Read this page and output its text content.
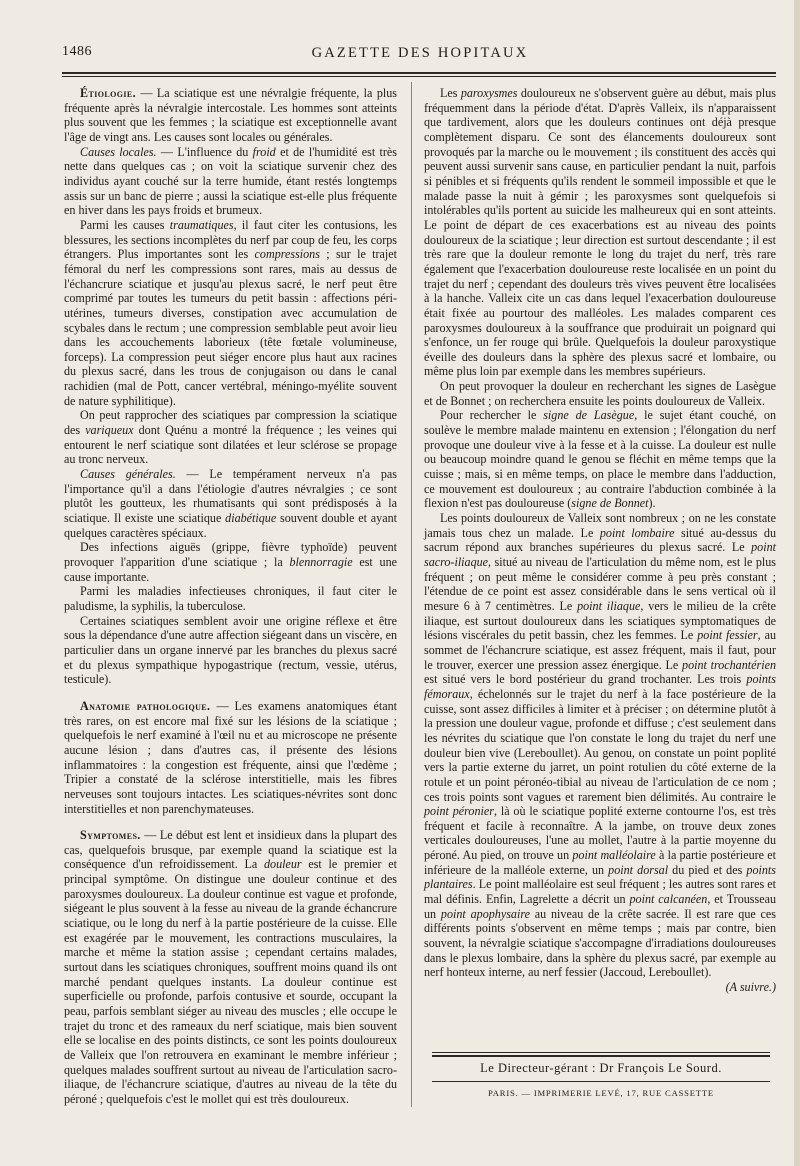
1486	GAZETTE DES HOPITAUX

Étiologie. — La sciatique est une névralgie fréquente, la plus fréquente après la névralgie intercostale. Les hommes sont atteints plus souvent que les femmes ; la sciatique est exceptionnelle avant l'âge de vingt ans. Les causes sont locales ou générales.

Causes locales. — L'influence du froid et de l'humidité est très nette dans quelques cas ; on voit la sciatique survenir chez des individus ayant couché sur la terre humide, étant restés longtemps assis sur un banc de pierre ; aussi la sciatique est-elle plus fréquente en hiver dans les pays froids et brumeux.

Parmi les causes traumatiques, il faut citer les contusions, les blessures, les sections incomplètes du nerf par coup de feu, les corps étrangers. Plus importantes sont les compressions ; sur le trajet fémoral du nerf les compressions sont rares, mais au dessus de l'échancrure sciatique et jusqu'au plexus sacré, le nerf peut être comprimé par toutes les tumeurs du petit bassin : affections péri-utérines, tumeurs diverses, constipation avec accumulation de scybales dans le rectum ; une compression semblable peut avoir lieu dans les accouchements laborieux (tête fœtale volumineuse, forceps). La compression peut siéger encore plus haut aux racines du plexus sacré, dans les trous de conjugaison ou dans le canal rachidien (mal de Pott, cancer vertébral, méningo-myélite souvent de nature syphilitique).

On peut rapprocher des sciatiques par compression la sciatique des variqueux dont Quénu a montré la fréquence ; les veines qui entourent le nerf sciatique sont dilatées et leur sclérose se propage au tronc nerveux.

Causes générales. — Le tempérament nerveux n'a pas l'importance qu'il a dans l'étiologie d'autres névralgies ; ce sont plutôt les goutteux, les rhumatisants qui sont prédisposés à la sciatique. Il existe une sciatique diabétique souvent double et ayant quelques caractères spéciaux.

Des infections aiguës (grippe, fièvre typhoïde) peuvent provoquer l'apparition d'une sciatique ; la blennorragie est une cause importante.

Parmi les maladies infectieuses chroniques, il faut citer le paludisme, la syphilis, la tuberculose.

Certaines sciatiques semblent avoir une origine réflexe et être sous la dépendance d'une autre affection siégeant dans un viscère, en particulier dans un organe innervé par les branches du plexus sacré et du plexus sympathique hypogastrique (rectum, vessie, utérus, testicule).

Anatomie pathologique. — Les examens anatomiques étant très rares, on est encore mal fixé sur les lésions de la sciatique ; quelquefois le nerf examiné à l'œil nu et au microscope ne présente aucune lésion ; dans d'autres cas, il présente des lésions inflammatoires : la congestion est fréquente, ainsi que l'œdème ; Tripier a constaté de la sclérose interstitielle, mais les fibres nerveuses sont toujours intactes. Les sciatiques-névrites sont donc interstitielles et non parenchymateuses.

Symptomes. — Le début est lent et insidieux dans la plupart des cas, quelquefois brusque, par exemple quand la sciatique est la conséquence d'un refroidissement. La douleur est le premier et principal symptôme. On distingue une douleur continue et des paroxysmes douloureux. La douleur continue est vague et profonde, siégeant le plus souvent à la fesse au niveau de la grande échancrure sciatique, ou le long du nerf à la partie postérieure de la cuisse. Elle est exagérée par le mouvement, les contractions musculaires, la marche et même la station assise ; cependant certains malades, surtout dans les sciatiques chroniques, souffrent moins quand ils ont marché pendant quelques instants. La douleur continue est superficielle ou profonde, parfois contusive et sourde, occupant la peau, parfois semblant siéger au niveau des muscles ; elle occupe le trajet du tronc et des rameaux du nerf sciatique, mais bien souvent elle se localise en des points distincts, ce sont les points douloureux de Valleix que l'on retrouvera en examinant le membre inférieur ; quelques malades souffrent surtout au niveau de l'articulation sacro-iliaque, de l'échancrure sciatique, d'autres au niveau de la tête du péroné ; quelquefois c'est le mollet qui est très douloureux.

Les paroxysmes douloureux ne s'observent guère au début, mais plus fréquemment dans la période d'état. D'après Valleix, ils n'apparaissent que tardivement, alors que les douleurs continues ont déjà presque complètement disparu. Ce sont des élancements douloureux sont provoqués par la marche ou le mouvement ; ils constituent des accès qui peuvent aussi survenir sans cause, en particulier pendant la nuit, parfois si pénibles et si fréquents qu'ils rendent le sommeil impossible et que le malade passe la nuit à gémir ; les paroxysmes sont quelquefois si intolérables qu'ils portent au suicide les malheureux qui en sont atteints. Le point de départ de ces exacerbations est au niveau des points douloureux de la sciatique ; leur direction est surtout descendante ; il est très rare que la douleur remonte le long du trajet du nerf, très rare également que l'exacerbation douloureuse reste localisée en un point du trajet du nerf ; cependant des douleurs très vives peuvent être localisées à la hanche. Valleix cite un cas dans lequel l'exacerbation douloureuse était fixée au pourtour des malléoles. Les malades comparent ces paroxysmes douloureux à la souffrance que produirait un poignard qui s'enfonce, un fer rouge qui brûle. Quelquefois la douleur paroxystique éveille des douleurs dans la sphère des plexus sacré et lombaire, ou même plus loin par exemple dans les membres supérieurs.

On peut provoquer la douleur en recherchant les signes de Lasègue et de Bonnet ; on recherchera ensuite les points douloureux de Valleix.

Pour rechercher le signe de Lasègue, le sujet étant couché, on soulève le membre malade maintenu en extension ; l'élongation du nerf provoque une douleur vive à la fesse et à la cuisse. La douleur est nulle ou beaucoup moindre quand le genou se fléchit en même temps que la cuisse ; mais, si en même temps, on place le membre dans l'adduction, ce mouvement est douloureux ; au contraire l'abduction combinée à la flexion n'est pas douloureuse (signe de Bonnet).

Les points douloureux de Valleix sont nombreux ; on ne les constate jamais tous chez un malade. Le point lombaire situé au-dessus du sacrum répond aux branches supérieures du plexus sacré. Le point sacro-iliaque, situé au niveau de l'articulation du même nom, est le plus fréquent ; on peut même le considérer comme à peu près constant ; l'étendue de ce point est assez considérable dans le sens vertical où il mesure 6 à 7 centimètres. Le point iliaque, vers le milieu de la crête iliaque, est surtout douloureux dans les sciatiques symptomatiques de lésions viscérales du petit bassin, chez les femmes. Le point fessier, au sommet de l'échancrure sciatique, est assez fréquent, mais il faut, pour le trouver, exercer une pression assez énergique. Le point trochantérien est situé vers le bord postérieur du grand trochanter. Les trois points fémoraux, échelonnés sur le trajet du nerf à la face postérieure de la cuisse, sont assez difficiles à limiter et à préciser ; on détermine plutôt à la pression une douleur vague, profonde et diffuse ; c'est seulement dans les névrites du sciatique que l'on constate le long du trajet du nerf une douleur bien vive (Lereboullet). Au genou, on constate un point poplité vers la partie externe du jarret, un point rotulien du côté externe de la rotule et un point péronéo-tibial au niveau de l'articulation de ce nom ; ces trois points sont vagues et rarement bien délimités. Au contraire le point péronier, là où le sciatique poplité externe contourne l'os, est très fréquent et facile à reconnaître. A la jambe, on trouve deux zones verticales douloureuses, l'une au mollet, l'autre à la partie moyenne du péroné. Au pied, on trouve un point malléolaire à la partie postérieure et inférieure de la malléole externe, un point dorsal du pied et des points plantaires. Le point malléolaire est seul fréquent ; les autres sont rares et mal définis. Enfin, Lagrelette a décrit un point calcanéen, et Trousseau un point apophysaire au niveau de la crête sacrée. Il est rare que ces différents points s'observent en même temps ; mais par contre, bien souvent, la névralgie sciatique s'accompagne d'irradiations douloureuses dans le plexus lombaire, dans la sphère du plexus sacré, par exemple au nerf honteux interne, au nerf fessier (Jaccoud, Lereboullet).
(A suivre.)

Le Directeur-gérant : Dr François Le Sourd.
PARIS. — IMPRIMERIE LEVÉ, 17, RUE CASSETTE
